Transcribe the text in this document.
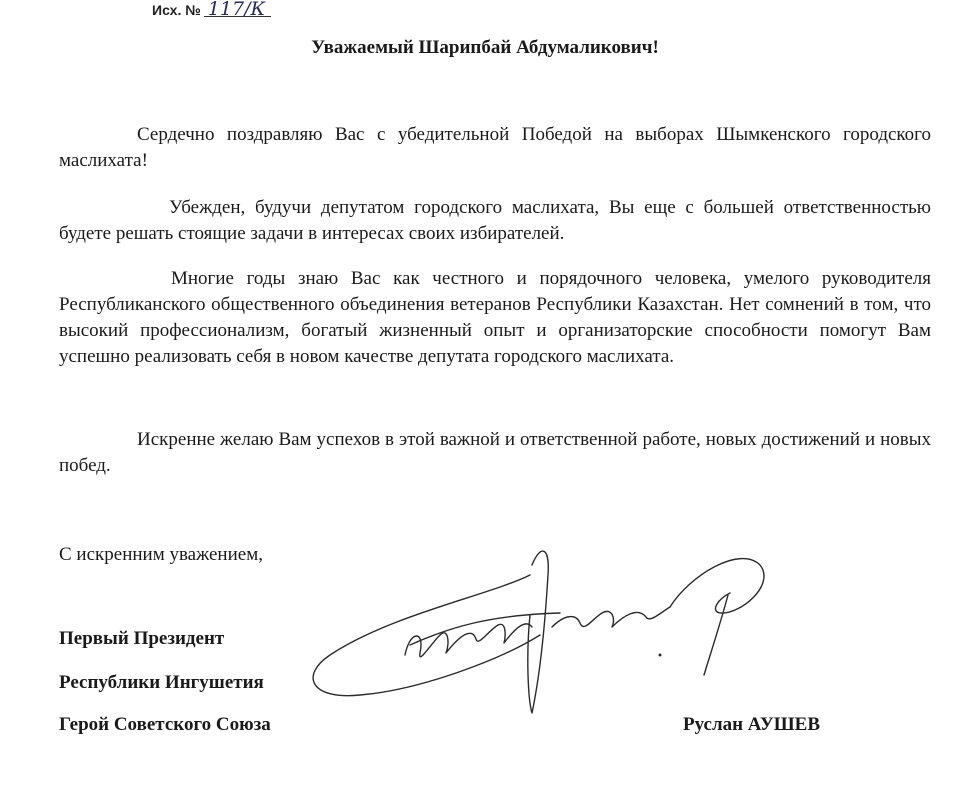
Исх. № 117/К
Уважаемый Шарипбай Абдумаликович!

Сердечно поздравляю Вас с убедительной Победой на выборах Шымкенского городского маслихата!

Убежден, будучи депутатом городского маслихата, Вы еще с большей ответственностью будете решать стоящие задачи в интересах своих избирателей.

Многие годы знаю Вас как честного и порядочного человека, умелого руководителя Республиканского общественного объединения ветеранов Республики Казахстан. Нет сомнений в том, что высокий профессионализм, богатый жизненный опыт и организаторские способности помогут Вам успешно реализовать себя в новом качестве депутата городского маслихата.

Искренне желаю Вам успехов в этой важной и ответственной работе, новых достижений и новых побед.

С искренним уважением,
Первый Президент
Республики Ингушетия
Герой Советского Союза	Руслан АУШЕВ
